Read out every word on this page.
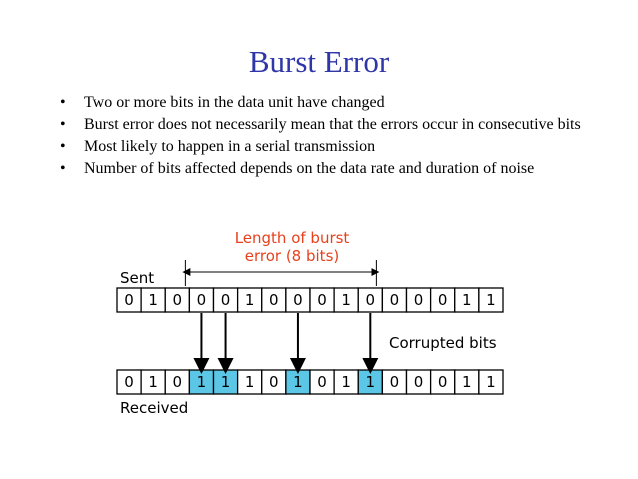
Burst Error
• Two or more bits in the data unit have changed
• Burst error does not necessarily mean that the errors occur in consecutive bits
• Most likely to happen in a serial transmission
• Number of bits affected depends on the data rate and duration of noise
Length of burst
error (8 bits)
Sent
Corrupted bits
Received
0 1 0 0 0 1 0 0 0 1 0 0 0 0 1 1
0 1 0 1 1 1 0 1 0 1 1 0 0 0 1 1
